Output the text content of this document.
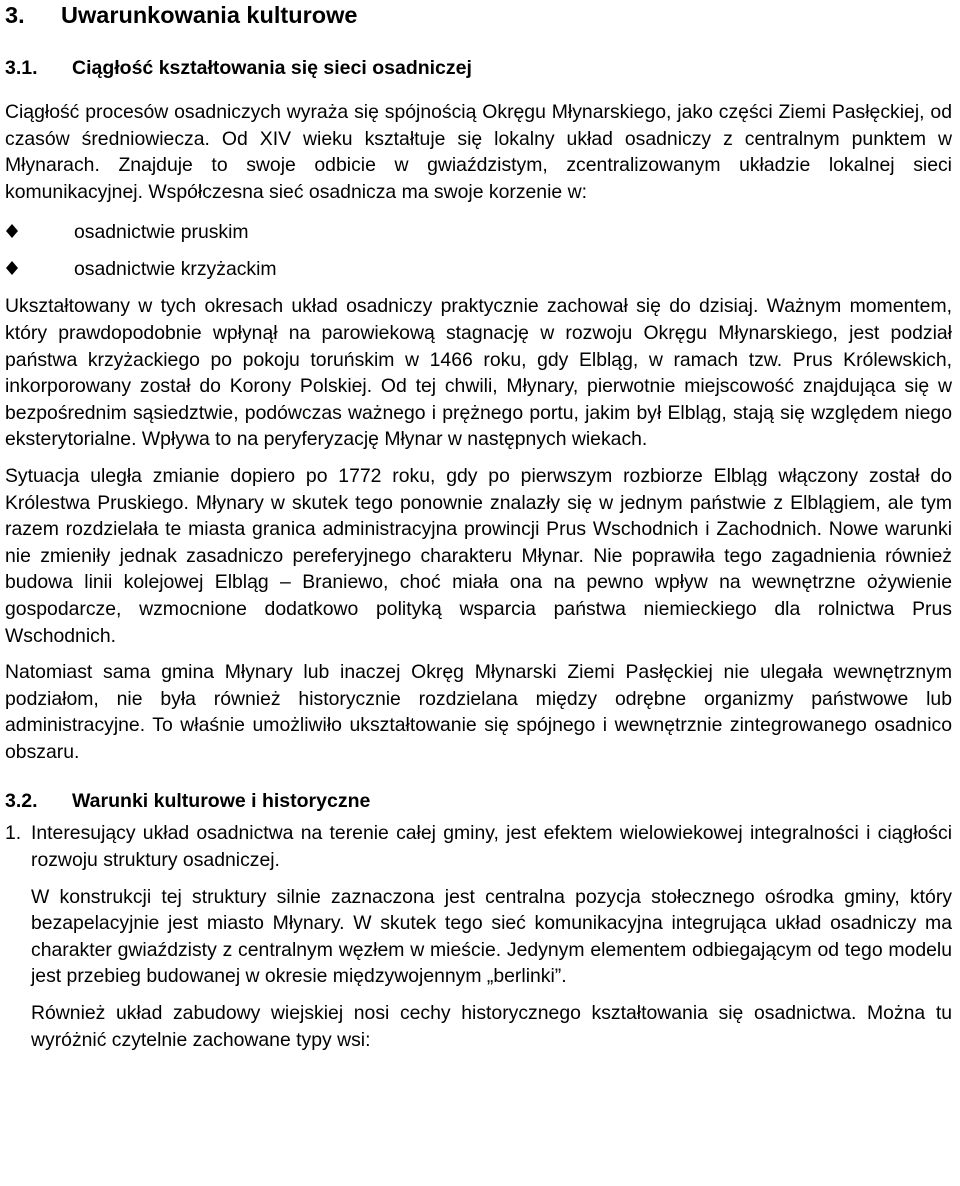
3.	Uwarunkowania kulturowe
3.1.	Ciągłość kształtowania się sieci osadniczej

Ciągłość procesów osadniczych wyraża się spójnością Okręgu Młynarskiego, jako części Ziemi Pasłęckiej, od czasów średniowiecza. Od XIV wieku kształtuje się lokalny układ osadniczy z centralnym punktem w Młynarach. Znajduje to swoje odbicie w gwiaździstym, zcentralizowanym układzie lokalnej sieci komunikacyjnej. Współczesna sieć osadnicza ma swoje korzenie w:

osadnictwie pruskim
osadnictwie krzyżackim

Ukształtowany w tych okresach układ osadniczy praktycznie zachował się do dzisiaj. Ważnym momentem, który prawdopodobnie wpłynął na parowiekową stagnację w rozwoju Okręgu Młynarskiego, jest podział państwa krzyżackiego po pokoju toruńskim w 1466 roku, gdy Elbląg, w ramach tzw. Prus Królewskich, inkorporowany został do Korony Polskiej. Od tej chwili, Młynary, pierwotnie miejscowość znajdująca się w bezpośrednim sąsiedztwie, podówczas ważnego i prężnego portu, jakim był Elbląg, stają się względem niego eksterytorialne. Wpływa to na peryferyzację Młynar w następnych wiekach.

Sytuacja uległa zmianie dopiero po 1772 roku, gdy po pierwszym rozbiorze Elbląg włączony został do Królestwa Pruskiego. Młynary w skutek tego ponownie znalazły się w jednym państwie z Elblągiem, ale tym razem rozdzielała te miasta granica administracyjna prowincji Prus Wschodnich i Zachodnich. Nowe warunki nie zmieniły jednak zasadniczo pereferyjnego charakteru Młynar. Nie poprawiła tego zagadnienia również budowa linii kolejowej Elbląg – Braniewo, choć miała ona na pewno wpływ na wewnętrzne ożywienie gospodarcze, wzmocnione dodatkowo polityką wsparcia państwa niemieckiego dla rolnictwa Prus Wschodnich.

Natomiast sama gmina Młynary lub inaczej Okręg Młynarski Ziemi Pasłęckiej nie ulegała wewnętrznym podziałom, nie była również historycznie rozdzielana między odrębne organizmy państwowe lub administracyjne. To właśnie umożliwiło ukształtowanie się spójnego i wewnętrznie zintegrowanego osadnico obszaru.

3.2.	Warunki kulturowe i historyczne
1. Interesujący układ osadnictwa na terenie całej gminy, jest efektem wielowiekowej integralności i ciągłości rozwoju struktury osadniczej.

W konstrukcji tej struktury silnie zaznaczona jest centralna pozycja stołecznego ośrodka gminy, który bezapelacyjnie jest miasto Młynary. W skutek tego sieć komunikacyjna integrująca układ osadniczy ma charakter gwiaździsty z centralnym węzłem w mieście. Jedynym elementem odbiegającym od tego modelu jest przebieg budowanej w okresie międzywojennym „berlinki”.

Również układ zabudowy wiejskiej nosi cechy historycznego kształtowania się osadnictwa. Można tu wyróżnić czytelnie zachowane typy wsi:
